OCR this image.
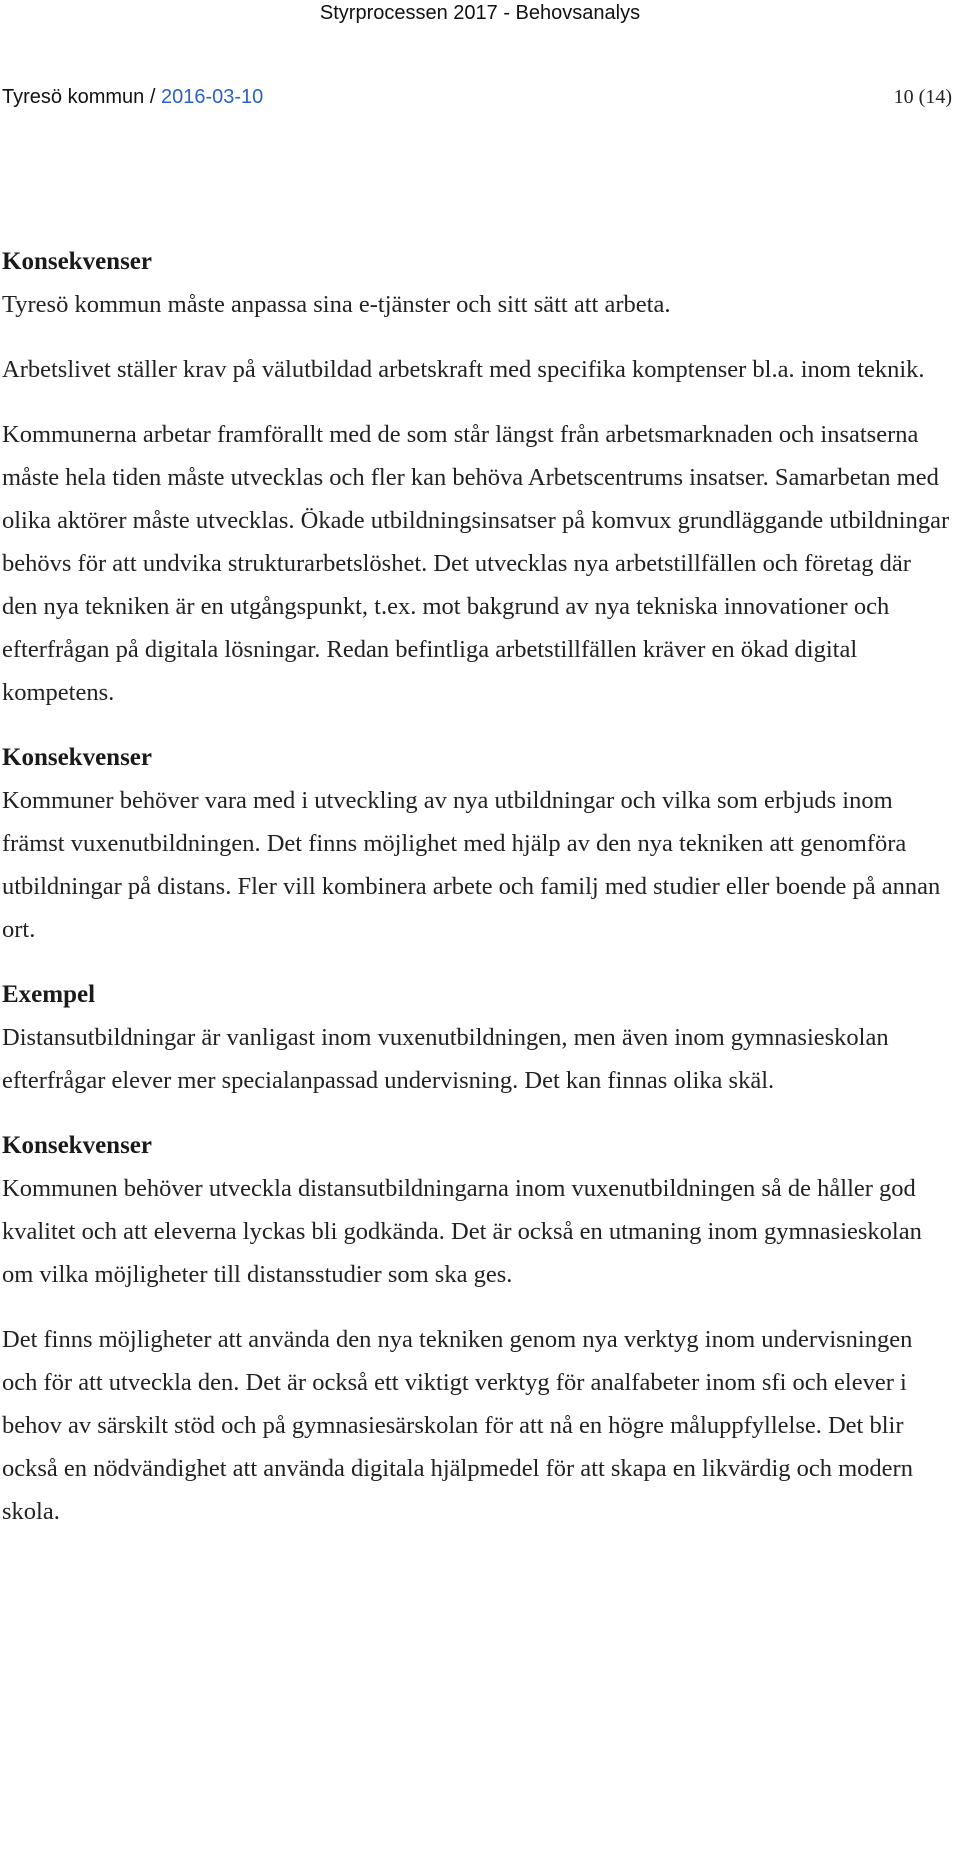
Styrprocessen 2017 - Behovsanalys
Tyresö kommun / 2016-03-10	10 (14)
Konsekvenser

Tyresö kommun måste anpassa sina e-tjänster och sitt sätt att arbeta.

Arbetslivet ställer krav på välutbildad arbetskraft med specifika komptenser bl.a. inom teknik.

Kommunerna arbetar framförallt med de som står längst från arbetsmarknaden och insatserna måste hela tiden måste utvecklas och fler kan behöva Arbetscentrums insatser. Samarbetan med olika aktörer måste utvecklas. Ökade utbildningsinsatser på komvux grundläggande utbildningar behövs för att undvika strukturarbetslöshet. Det utvecklas nya arbetstillfällen och företag där den nya tekniken är en utgångspunkt, t.ex. mot bakgrund av nya tekniska innovationer och efterfrågan på digitala lösningar. Redan befintliga arbetstillfällen kräver en ökad digital kompetens.

Konsekvenser

Kommuner behöver vara med i utveckling av nya utbildningar och vilka som erbjuds inom främst vuxenutbildningen. Det finns möjlighet med hjälp av den nya tekniken att genomföra utbildningar på distans. Fler vill kombinera arbete och familj med studier eller boende på annan ort.

Exempel

Distansutbildningar är vanligast inom vuxenutbildningen, men även inom gymnasieskolan efterfrågar elever mer specialanpassad undervisning. Det kan finnas olika skäl.

Konsekvenser

Kommunen behöver utveckla distansutbildningarna inom vuxenutbildningen så de håller god kvalitet och att eleverna lyckas bli godkända. Det är också en utmaning inom gymnasieskolan om vilka möjligheter till distansstudier som ska ges.

Det finns möjligheter att använda den nya tekniken genom nya verktyg inom undervisningen och för att utveckla den. Det är också ett viktigt verktyg för analfabeter inom sfi och elever i behov av särskilt stöd och på gymnasiesärskolan för att nå en högre måluppfyllelse. Det blir också en nödvändighet att använda digitala hjälpmedel för att skapa en likvärdig och modern skola.
